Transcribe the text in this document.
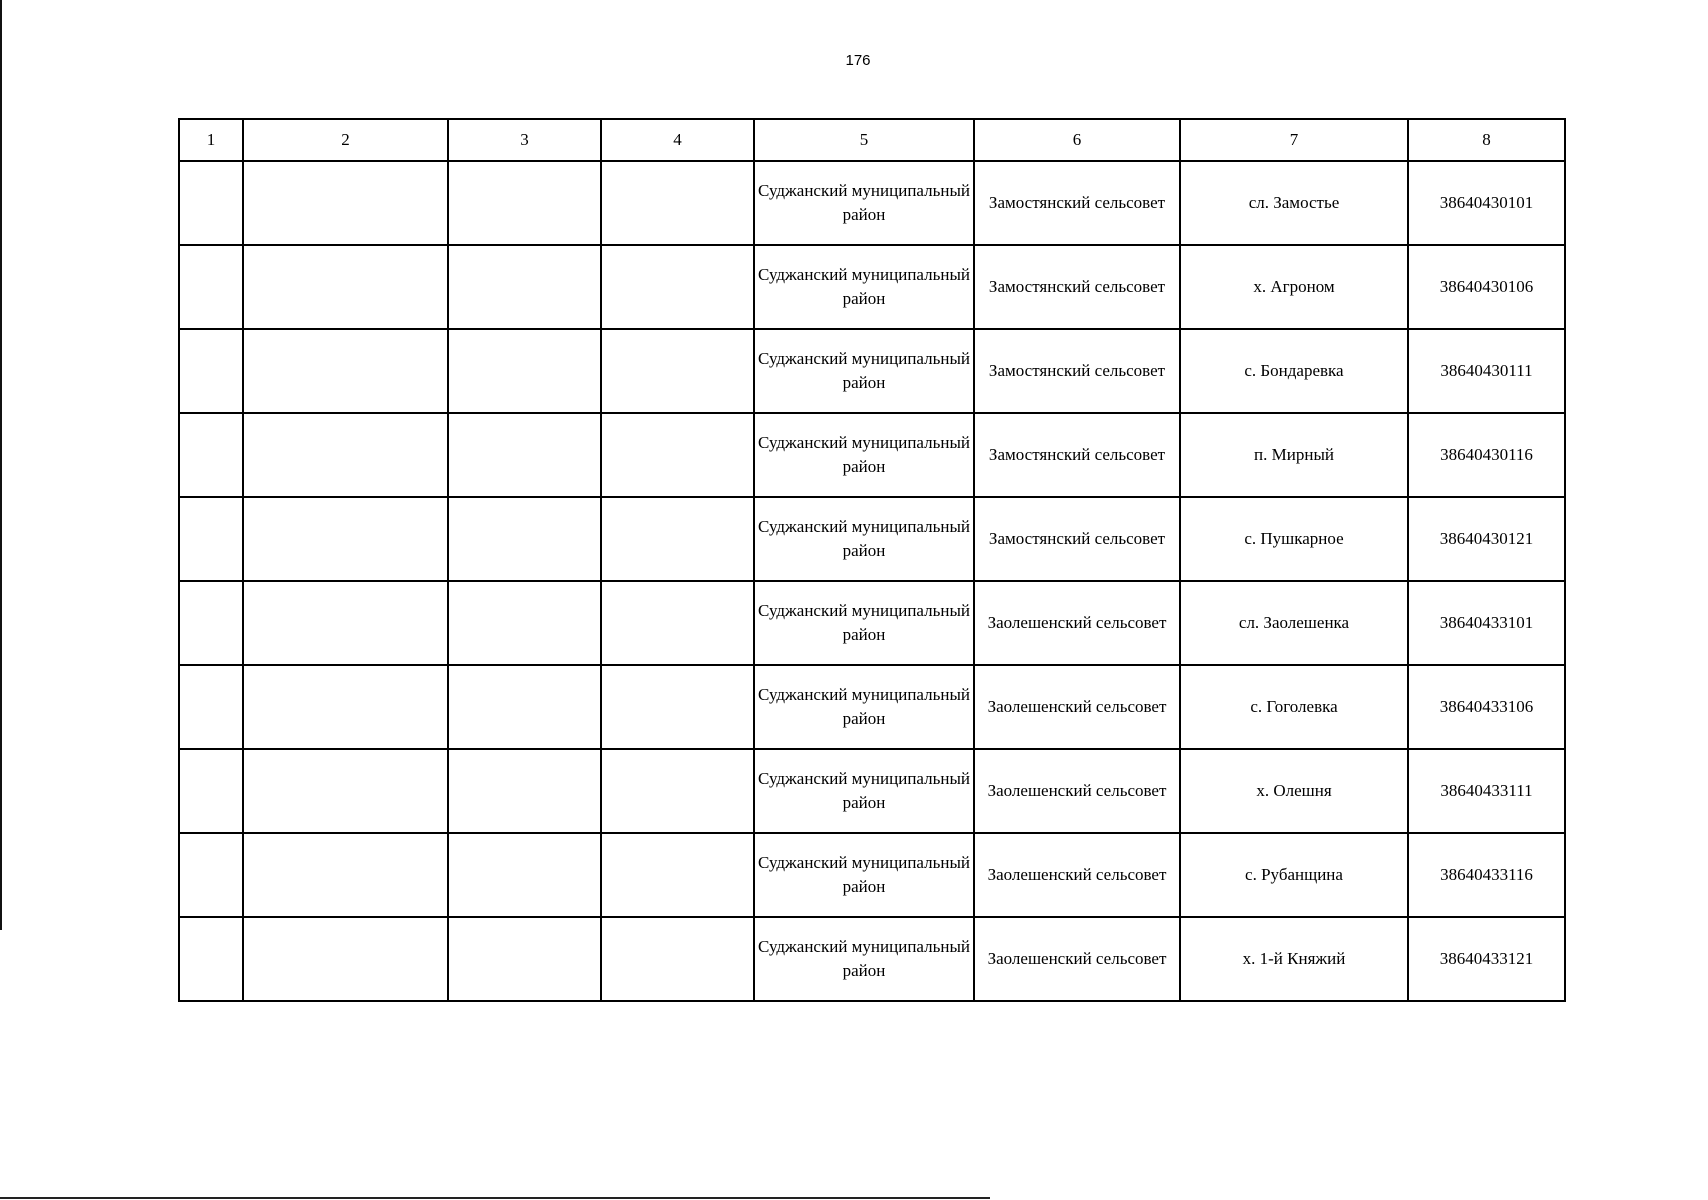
176
1	2	3	4	5	6	7	8
				Суджанский муниципальный район	Замостянский сельсовет	сл. Замостье	38640430101
				Суджанский муниципальный район	Замостянский сельсовет	х. Агроном	38640430106
				Суджанский муниципальный район	Замостянский сельсовет	с. Бондаревка	38640430111
				Суджанский муниципальный район	Замостянский сельсовет	п. Мирный	38640430116
				Суджанский муниципальный район	Замостянский сельсовет	с. Пушкарное	38640430121
				Суджанский муниципальный район	Заолешенский сельсовет	сл. Заолешенка	38640433101
				Суджанский муниципальный район	Заолешенский сельсовет	с. Гоголевка	38640433106
				Суджанский муниципальный район	Заолешенский сельсовет	х. Олешня	38640433111
				Суджанский муниципальный район	Заолешенский сельсовет	с. Рубанщина	38640433116
				Суджанский муниципальный район	Заолешенский сельсовет	х. 1-й Княжий	38640433121
